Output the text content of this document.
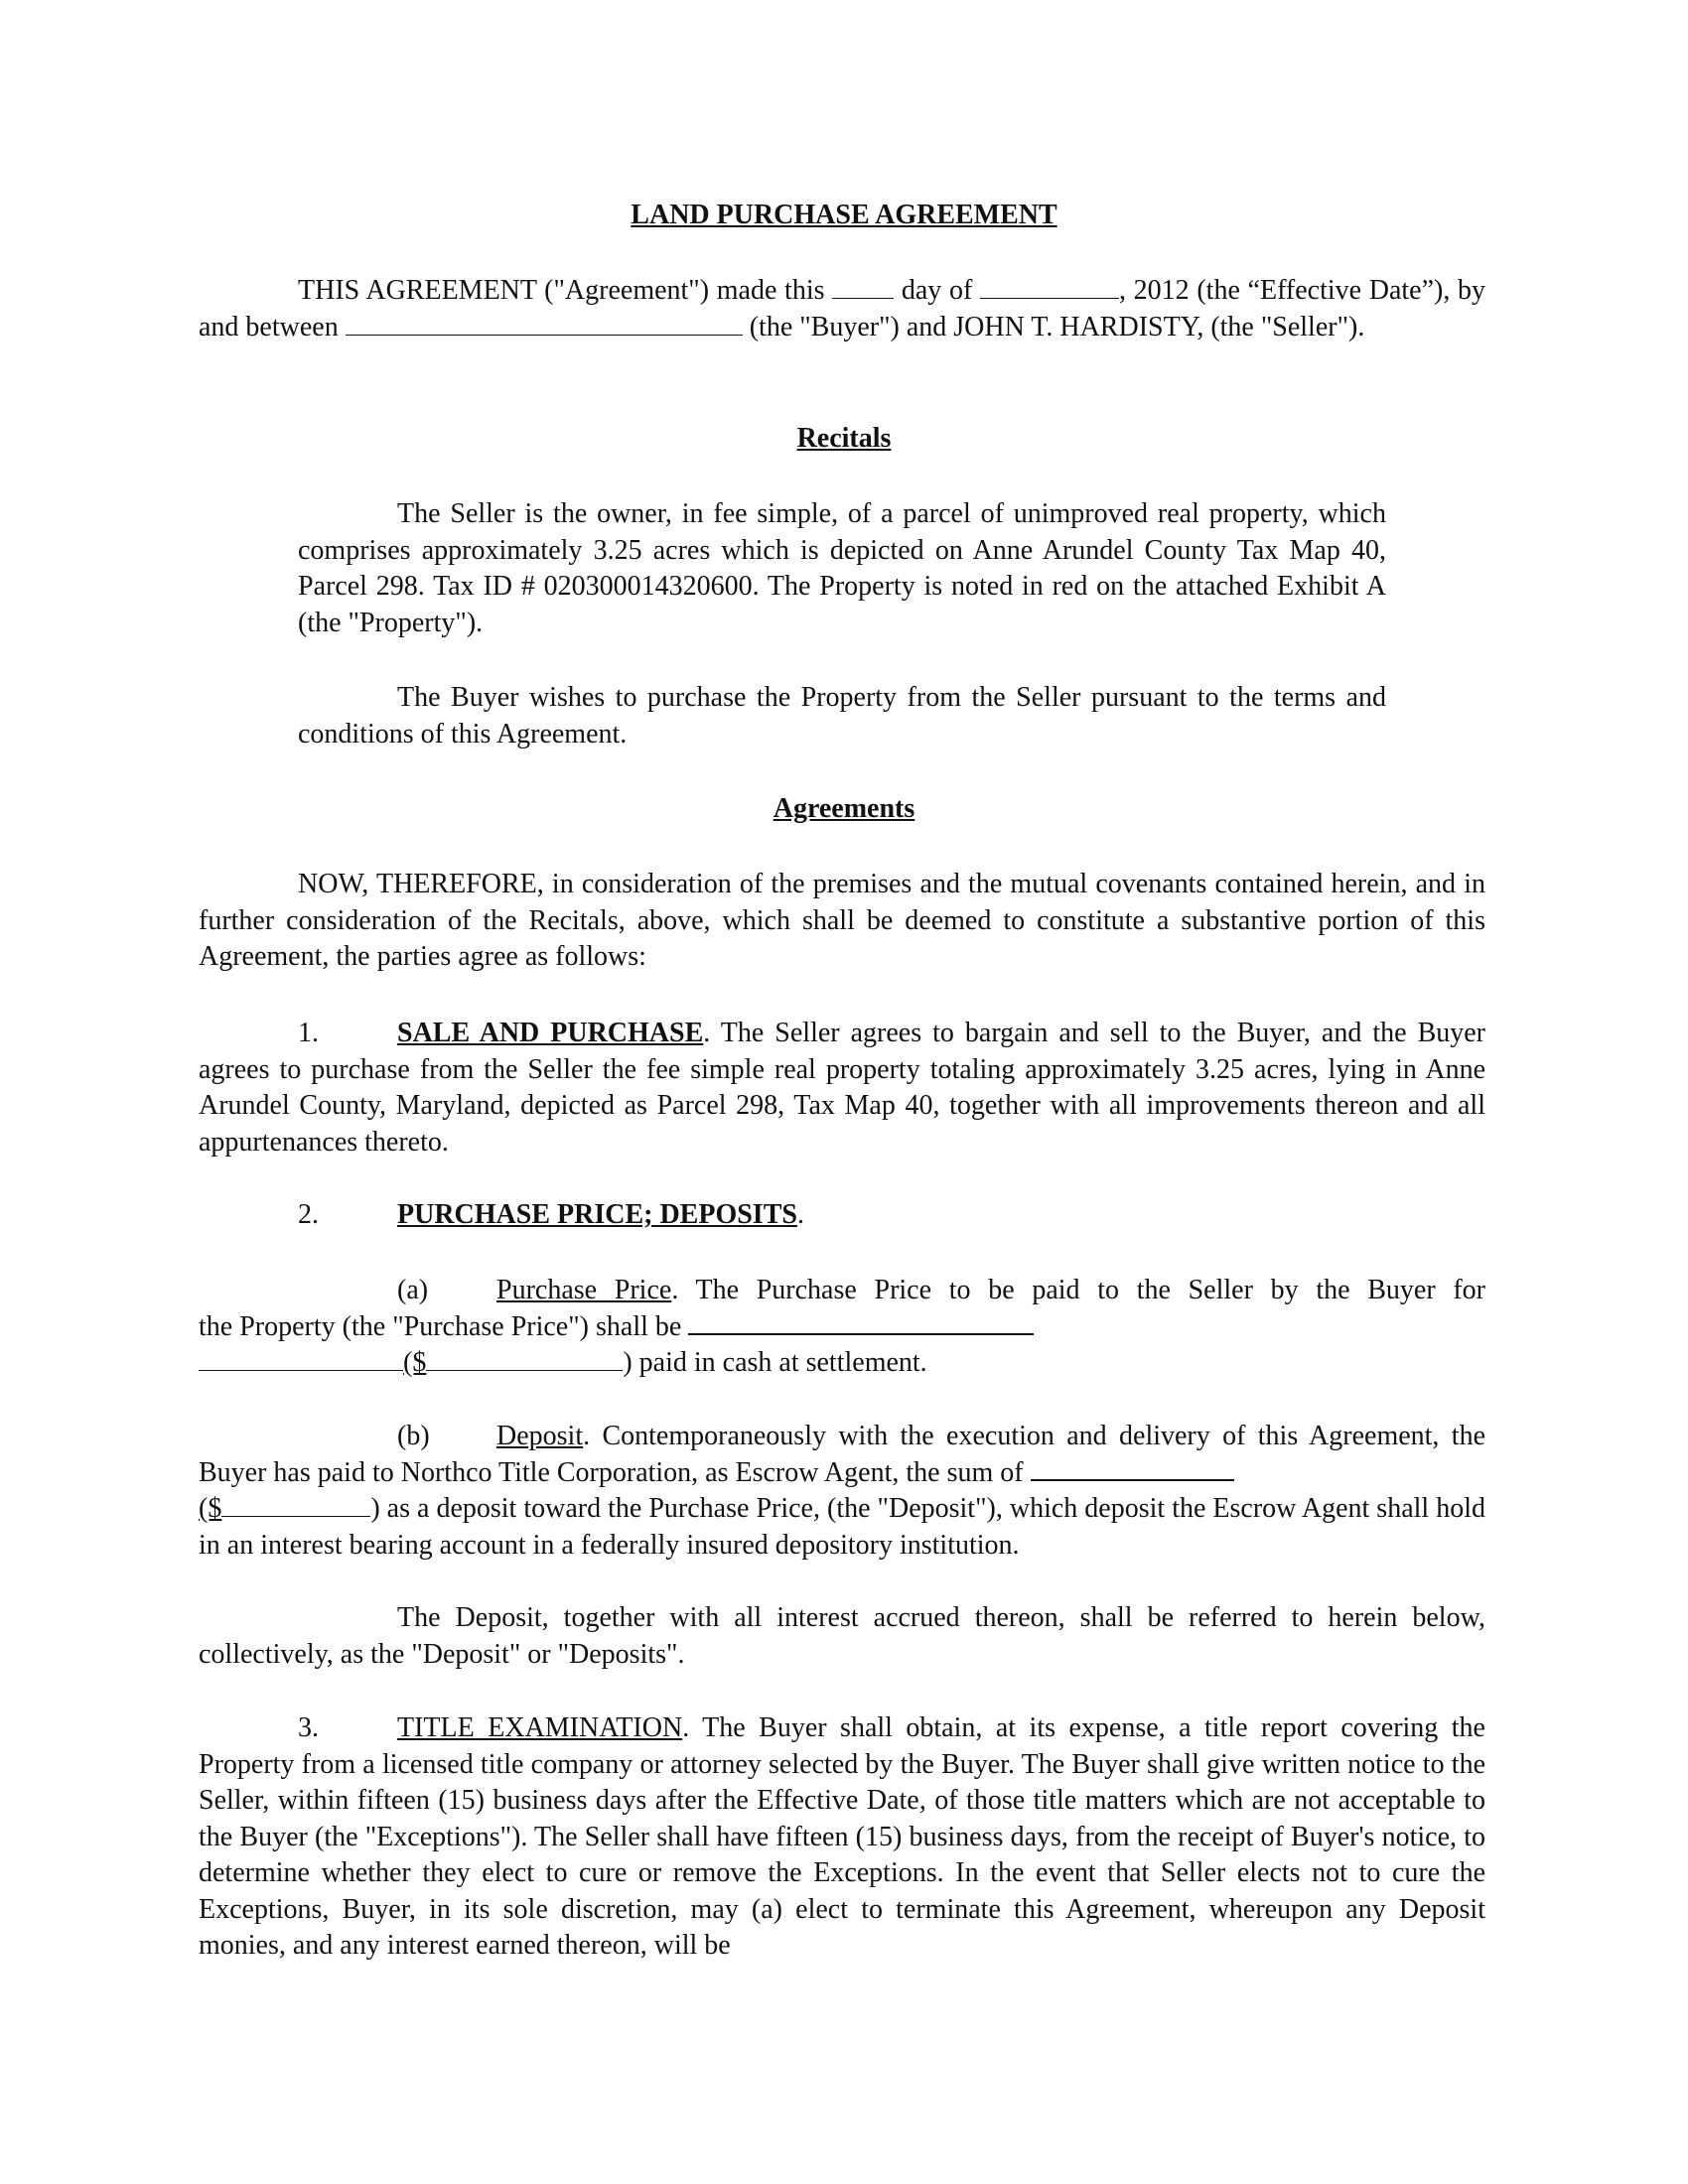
LAND PURCHASE AGREEMENT

THIS AGREEMENT ("Agreement") made this	day of	, 2012 (the “Effective Date”), by and between	(the "Buyer") and JOHN T. HARDISTY, (the "Seller").

Recitals

The Seller is the owner, in fee simple, of a parcel of unimproved real property, which comprises approximately 3.25 acres which is depicted on Anne Arundel County Tax Map 40, Parcel 298. Tax ID # 020300014320600. The Property is noted in red on the attached Exhibit A (the "Property").

The Buyer wishes to purchase the Property from the Seller pursuant to the terms and conditions of this Agreement.

Agreements

NOW, THEREFORE, in consideration of the premises and the mutual covenants contained herein, and in further consideration of the Recitals, above, which shall be deemed to constitute a substantive portion of this Agreement, the parties agree as follows:

1.	SALE AND PURCHASE. The Seller agrees to bargain and sell to the Buyer, and the Buyer agrees to purchase from the Seller the fee simple real property totaling approximately 3.25 acres, lying in Anne Arundel County, Maryland, depicted as Parcel 298, Tax Map 40, together with all improvements thereon and all appurtenances thereto.

2.	PURCHASE PRICE; DEPOSITS.

(a) Purchase Price. The Purchase Price to be paid to the Seller by the Buyer for
the Property (the "Purchase Price") shall be
($	) paid in cash at settlement.
(b) Deposit. Contemporaneously with the execution and delivery of this Agreement, the Buyer has paid to Northco Title Corporation, as Escrow Agent, the sum of
($	) as a deposit toward the Purchase Price, (the "Deposit"), which deposit the Escrow Agent shall hold in an interest bearing account in a federally insured depository institution.

The Deposit, together with all interest accrued thereon, shall be referred to herein below, collectively, as the "Deposit" or "Deposits".

3.	TITLE EXAMINATION. The Buyer shall obtain, at its expense, a title report covering the Property from a licensed title company or attorney selected by the Buyer. The Buyer shall give written notice to the Seller, within fifteen (15) business days after the Effective Date, of those title matters which are not acceptable to the Buyer (the "Exceptions"). The Seller shall have fifteen (15) business days, from the receipt of Buyer's notice, to determine whether they elect to cure or remove the Exceptions. In the event that Seller elects not to cure the Exceptions, Buyer, in its sole discretion, may (a) elect to terminate this Agreement, whereupon any Deposit monies, and any interest earned thereon, will be
